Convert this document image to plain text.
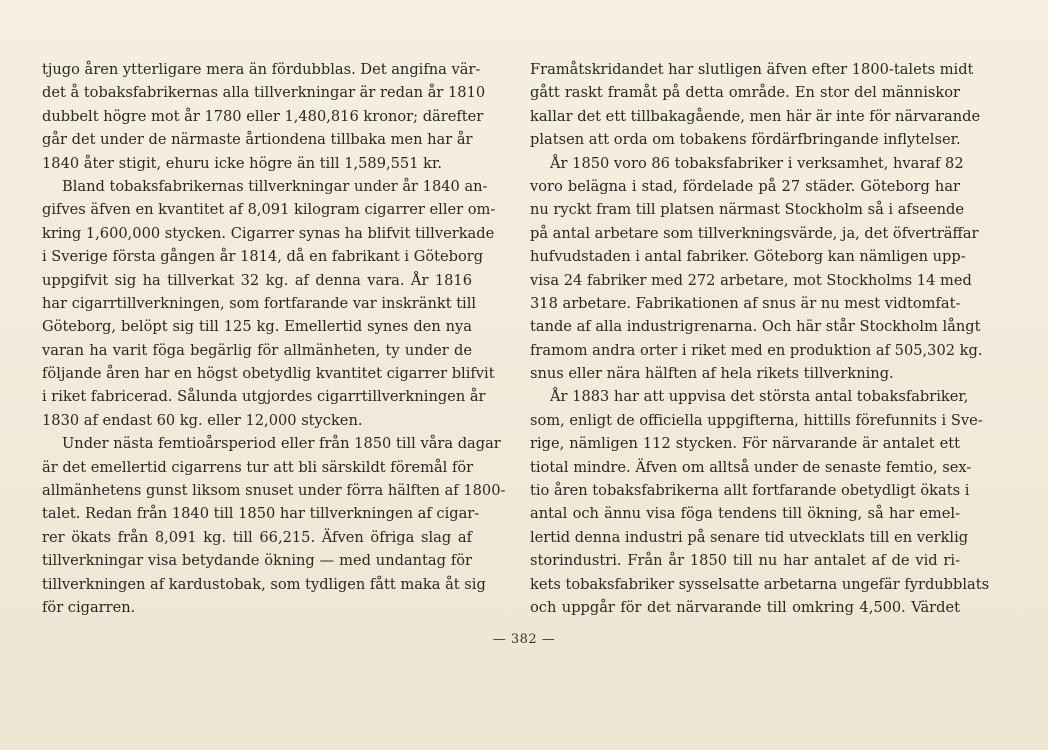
tjugo åren ytterligare mera än fördubblas. Det angifna vär-
det å tobaksfabrikernas alla tillverkningar är redan år 1810
dubbelt högre mot år 1780 eller 1,480,816 kronor; därefter
går det under de närmaste årtiondena tillbaka men har år
1840 åter stigit, ehuru icke högre än till 1,589,551 kr.
Bland tobaksfabrikernas tillverkningar under år 1840 an-
gifves äfven en kvantitet af 8,091 kilogram cigarrer eller om-
kring 1,600,000 stycken. Cigarrer synas ha blifvit tillverkade
i Sverige första gången år 1814, då en fabrikant i Göteborg
uppgifvit sig ha tillverkat 32 kg. af denna vara. År 1816
har cigarrtillverkningen, som fortfarande var inskränkt till
Göteborg, belöpt sig till 125 kg. Emellertid synes den nya
varan ha varit föga begärlig för allmänheten, ty under de
följande åren har en högst obetydlig kvantitet cigarrer blifvit
i riket fabricerad. Sålunda utgjordes cigarrtillverkningen år
1830 af endast 60 kg. eller 12,000 stycken.
Under nästa femtioårsperiod eller från 1850 till våra dagar
är det emellertid cigarrens tur att bli särskildt föremål för
allmänhetens gunst liksom snuset under förra hälften af 1800-
talet. Redan från 1840 till 1850 har tillverkningen af cigar-
rer ökats från 8,091 kg. till 66,215. Äfven öfriga slag af
tillverkningar visa betydande ökning — med undantag för
tillverkningen af kardustobak, som tydligen fått maka åt sig
för cigarren.
Framåtskridandet har slutligen äfven efter 1800-talets midt
gått raskt framåt på detta område. En stor del människor
kallar det ett tillbakagående, men här är inte för närvarande
platsen att orda om tobakens fördärfbringande inflytelser.
År 1850 voro 86 tobaksfabriker i verksamhet, hvaraf 82
voro belägna i stad, fördelade på 27 städer. Göteborg har
nu ryckt fram till platsen närmast Stockholm så i afseende
på antal arbetare som tillverkningsvärde, ja, det öfverträffar
hufvudstaden i antal fabriker. Göteborg kan nämligen upp-
visa 24 fabriker med 272 arbetare, mot Stockholms 14 med
318 arbetare. Fabrikationen af snus är nu mest vidtomfat-
tande af alla industrigrenarna. Och här står Stockholm långt
framom andra orter i riket med en produktion af 505,302 kg.
snus eller nära hälften af hela rikets tillverkning.
År 1883 har att uppvisa det största antal tobaksfabriker,
som, enligt de officiella uppgifterna, hittills förefunnits i Sve-
rige, nämligen 112 stycken. För närvarande är antalet ett
tiotal mindre. Äfven om alltså under de senaste femtio, sex-
tio åren tobaksfabrikerna allt fortfarande obetydligt ökats i
antal och ännu visa föga tendens till ökning, så har emel-
lertid denna industri på senare tid utvecklats till en verklig
storindustri. Från år 1850 till nu har antalet af de vid ri-
kets tobaksfabriker sysselsatte arbetarna ungefär fyrdubblats
och uppgår för det närvarande till omkring 4,500. Värdet
— 382 —
